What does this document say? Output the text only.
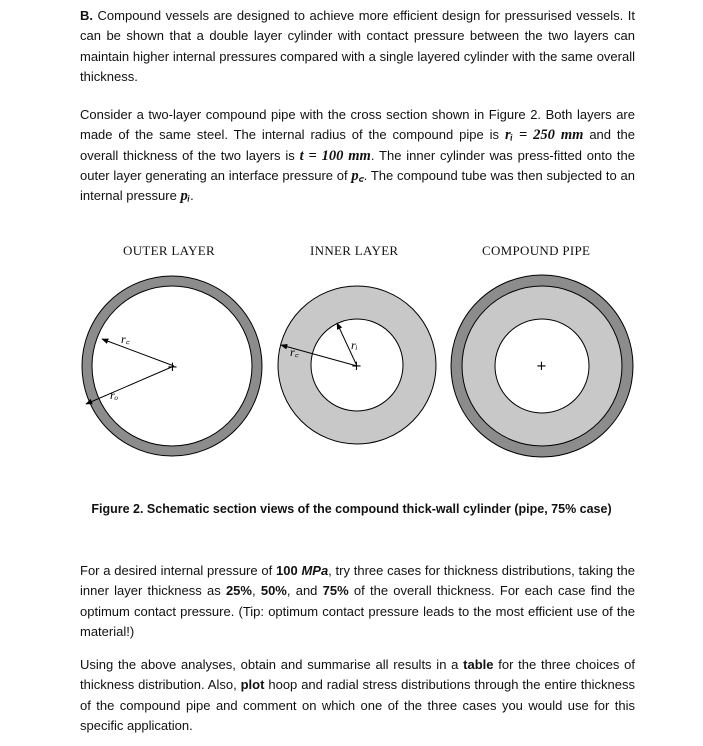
B. Compound vessels are designed to achieve more efficient design for pressurised vessels. It can be shown that a double layer cylinder with contact pressure between the two layers can maintain higher internal pressures compared with a single layered cylinder with the same overall thickness.

Consider a two-layer compound pipe with the cross section shown in Figure 2. Both layers are made of the same steel. The internal radius of the compound pipe is rᵢ = 250 mm and the overall thickness of the two layers is t = 100 mm. The inner cylinder was press-fitted onto the outer layer generating an interface pressure of p꜀. The compound tube was then subjected to an internal pressure pᵢ.

OUTER LAYER	INNER LAYER	COMPOUND PIPE
+
r꜀
rₒ
+
rᵢ
r꜀
+
Figure 2. Schematic section views of the compound thick-wall cylinder (pipe, 75% case)

For a desired internal pressure of 100 MPa, try three cases for thickness distributions, taking the inner layer thickness as 25%, 50%, and 75% of the overall thickness. For each case find the optimum contact pressure. (Tip: optimum contact pressure leads to the most efficient use of the material!)

Using the above analyses, obtain and summarise all results in a table for the three choices of thickness distribution. Also, plot hoop and radial stress distributions through the entire thickness of the compound pipe and comment on which one of the three cases you would use for this specific application.
